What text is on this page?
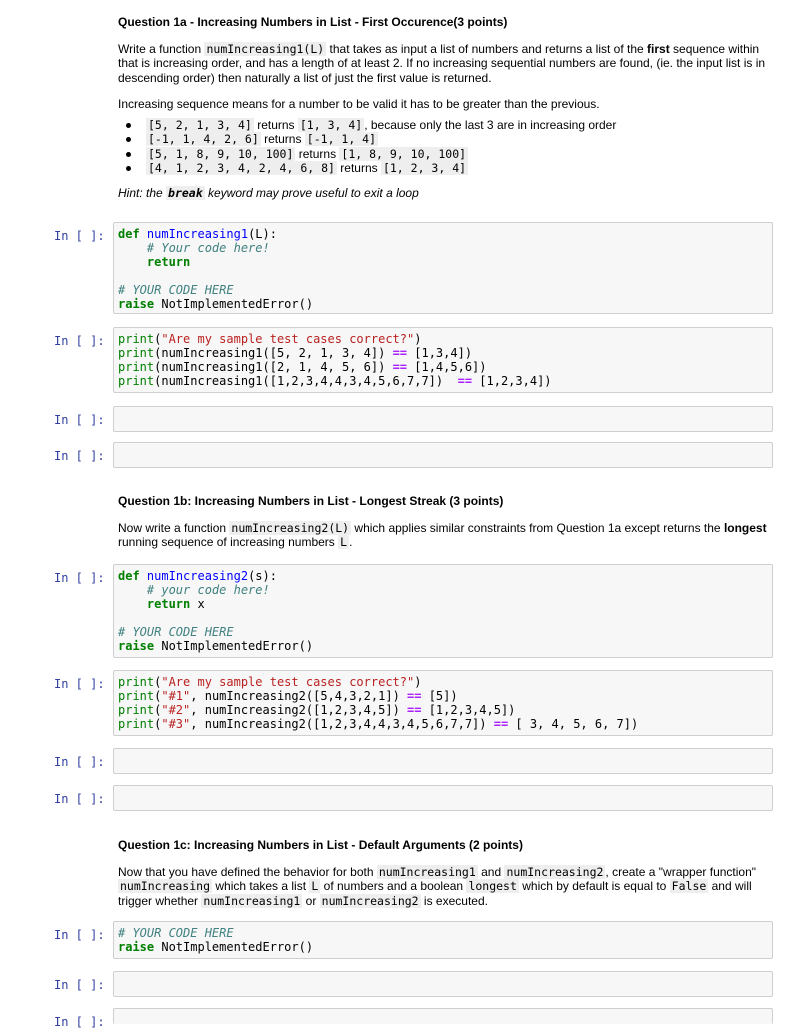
Question 1a - Increasing Numbers in List - First Occurence(3 points)

Write a function numIncreasing1(L) that takes as input a list of numbers and returns a list of the first sequence within that is increasing order, and has a length of at least 2. If no increasing sequential numbers are found, (ie. the input list is in descending order) then naturally a list of just the first value is returned.

Increasing sequence means for a number to be valid it has to be greater than the previous.

[5, 2, 1, 3, 4] returns [1, 3, 4] , because only the last 3 are in increasing order
[-1, 1, 4, 2, 6] returns [-1, 1, 4]
[5, 1, 8, 9, 10, 100] returns [1, 8, 9, 10, 100]
[4, 1, 2, 3, 4, 2, 4, 6, 8] returns [1, 2, 3, 4]

Hint: the break keyword may prove useful to exit a loop

In [ ]:	def numIncreasing1(L):
# Your code here!
return

# YOUR CODE HERE
raise NotImplementedError()
In [ ]:	print("Are my sample test cases correct?")
print(numIncreasing1([5, 2, 1, 3, 4]) == [1,3,4])
print(numIncreasing1([2, 1, 4, 5, 6]) == [1,4,5,6])
print(numIncreasing1([1,2,3,4,4,3,4,5,6,7,7])  == [1,2,3,4])
In [ ]:
In [ ]:
Question 1b: Increasing Numbers in List - Longest Streak (3 points)

Now write a function numIncreasing2(L) which applies similar constraints from Question 1a except returns the longest running sequence of increasing numbers L .

In [ ]:	def numIncreasing2(s):
# your code here!
return x

# YOUR CODE HERE
raise NotImplementedError()
In [ ]:	print("Are my sample test cases correct?")
print("#1", numIncreasing2([5,4,3,2,1]) == [5])
print("#2", numIncreasing2([1,2,3,4,5]) == [1,2,3,4,5])
print("#3", numIncreasing2([1,2,3,4,4,3,4,5,6,7,7]) == [ 3, 4, 5, 6, 7])
In [ ]:
In [ ]:
Question 1c: Increasing Numbers in List - Default Arguments (2 points)

Now that you have defined the behavior for both numIncreasing1 and numIncreasing2 , create a "wrapper function" numIncreasing which takes a list L of numbers and a boolean longest which by default is equal to False and will trigger whether numIncreasing1 or numIncreasing2 is executed.

In [ ]:	# YOUR CODE HERE
raise NotImplementedError()
In [ ]:
In [ ]:
